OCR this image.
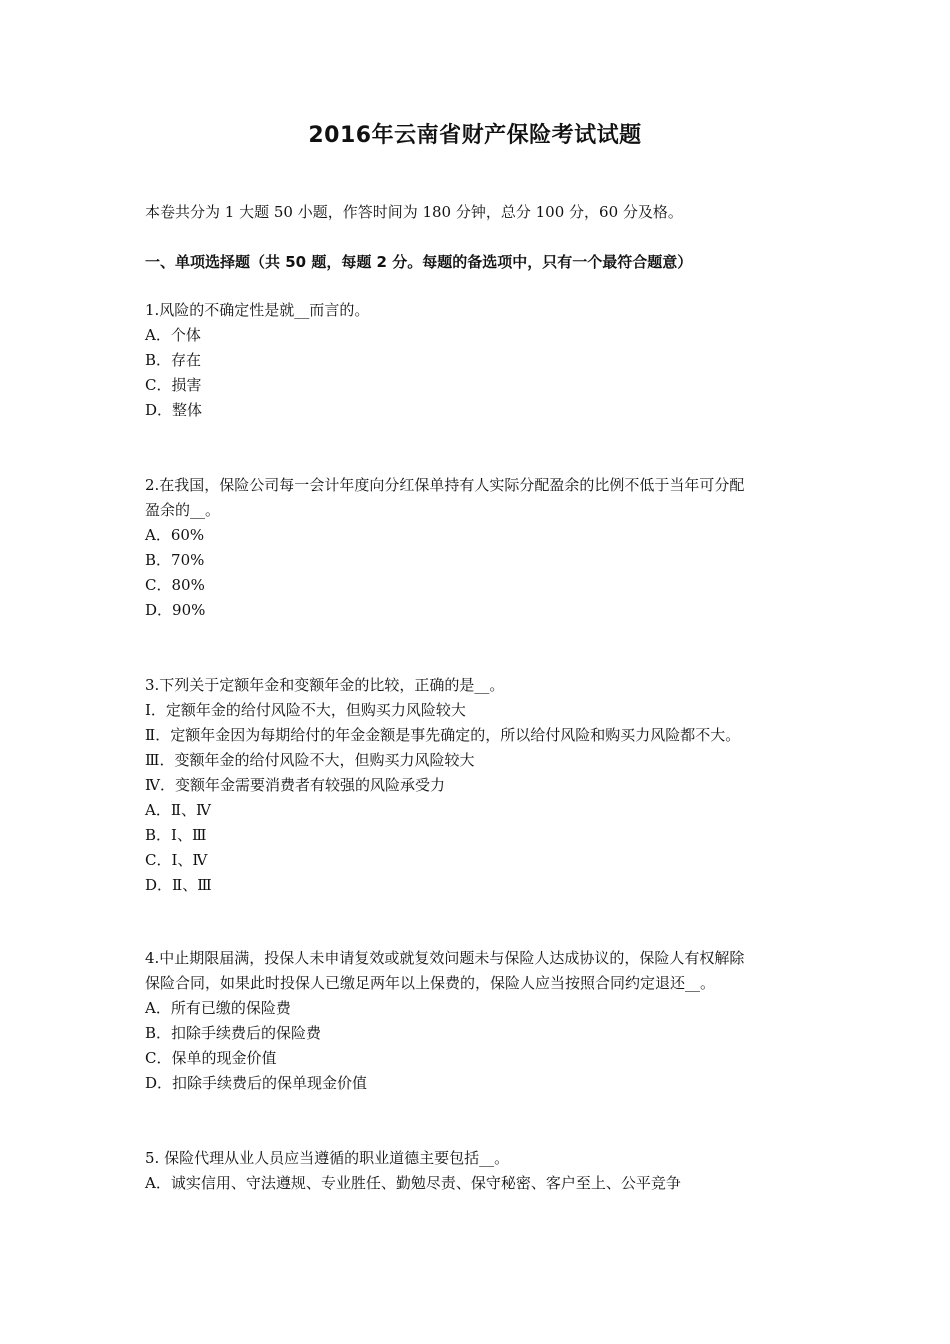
2016年云南省财产保险考试试题
本卷共分为 1 大题 50 小题，作答时间为 180 分钟，总分 100 分，60 分及格。
一、单项选择题（共 50 题，每题 2 分。每题的备选项中，只有一个最符合题意）
1.风险的不确定性是就__而言的。
A．个体
B．存在
C．损害
D．整体
2.在我国，保险公司每一会计年度向分红保单持有人实际分配盈余的比例不低于当年可分配
盈余的__。
A．60%
B．70%
C．80%
D．90%
3.下列关于定额年金和变额年金的比较，正确的是__。
Ⅰ．定额年金的给付风险不大，但购买力风险较大
Ⅱ．定额年金因为每期给付的年金金额是事先确定的，所以给付风险和购买力风险都不大。
Ⅲ．变额年金的给付风险不大，但购买力风险较大
Ⅳ．变额年金需要消费者有较强的风险承受力
A．Ⅱ、Ⅳ
B．Ⅰ、Ⅲ
C．Ⅰ、Ⅳ
D．Ⅱ、Ⅲ
4.中止期限届满，投保人未申请复效或就复效问题未与保险人达成协议的，保险人有权解除
保险合同，如果此时投保人已缴足两年以上保费的，保险人应当按照合同约定退还__。
A．所有已缴的保险费
B．扣除手续费后的保险费
C．保单的现金价值
D．扣除手续费后的保单现金价值
5. 保险代理从业人员应当遵循的职业道德主要包括__。
A．诚实信用、守法遵规、专业胜任、勤勉尽责、保守秘密、客户至上、公平竞争
